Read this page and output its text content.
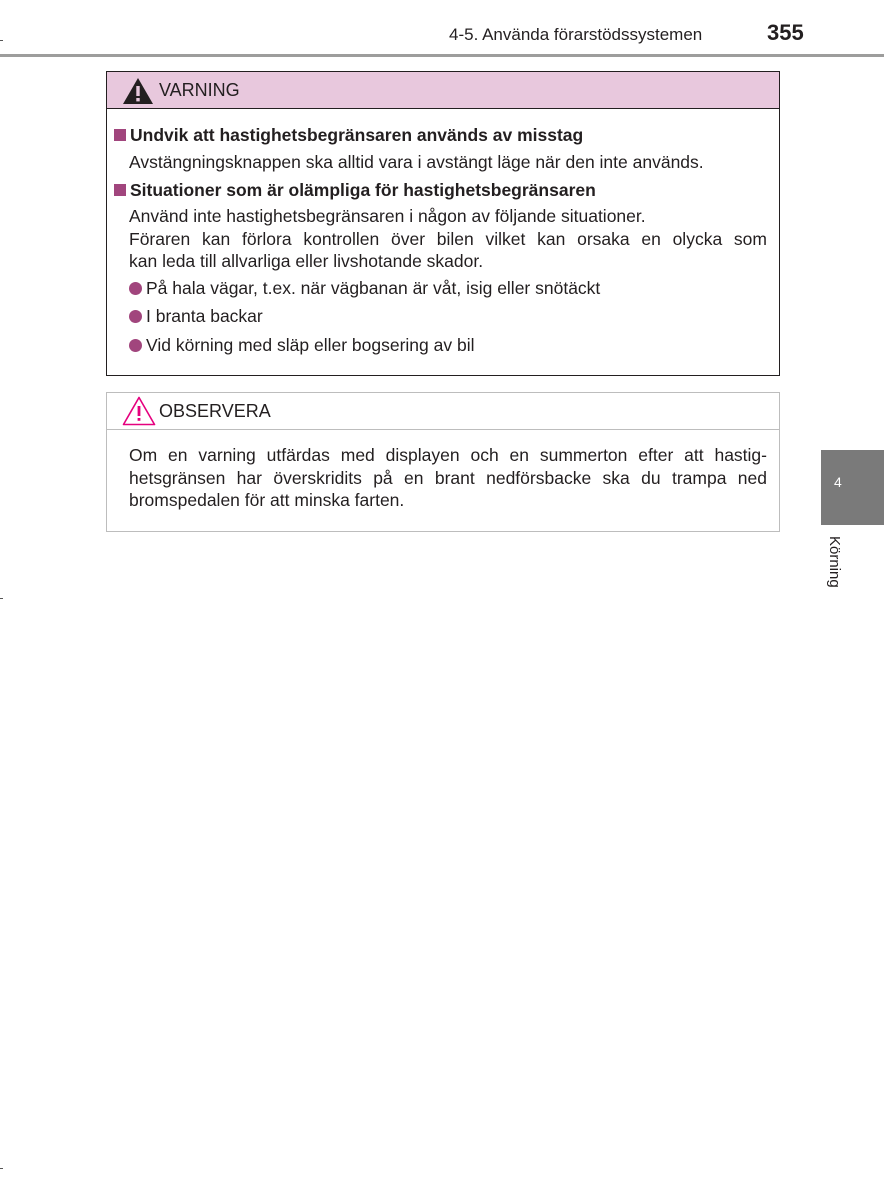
4-5. Använda förarstödssystemen	355
VARNING
Undvik att hastighetsbegränsaren används av misstag
Avstängningsknappen ska alltid vara i avstängt läge när den inte används.
Situationer som är olämpliga för hastighetsbegränsaren
Använd inte hastighetsbegränsaren i någon av följande situationer.
Föraren kan förlora kontrollen över bilen vilket kan orsaka en olycka som
kan leda till allvarliga eller livshotande skador.
På hala vägar, t.ex. när vägbanan är våt, isig eller snötäckt
I branta backar
Vid körning med släp eller bogsering av bil
OBSERVERA
Om en varning utfärdas med displayen och en summerton efter att hastig-
hetsgränsen har överskridits på en brant nedförsbacke ska du trampa ned
bromspedalen för att minska farten.
4
Körning
